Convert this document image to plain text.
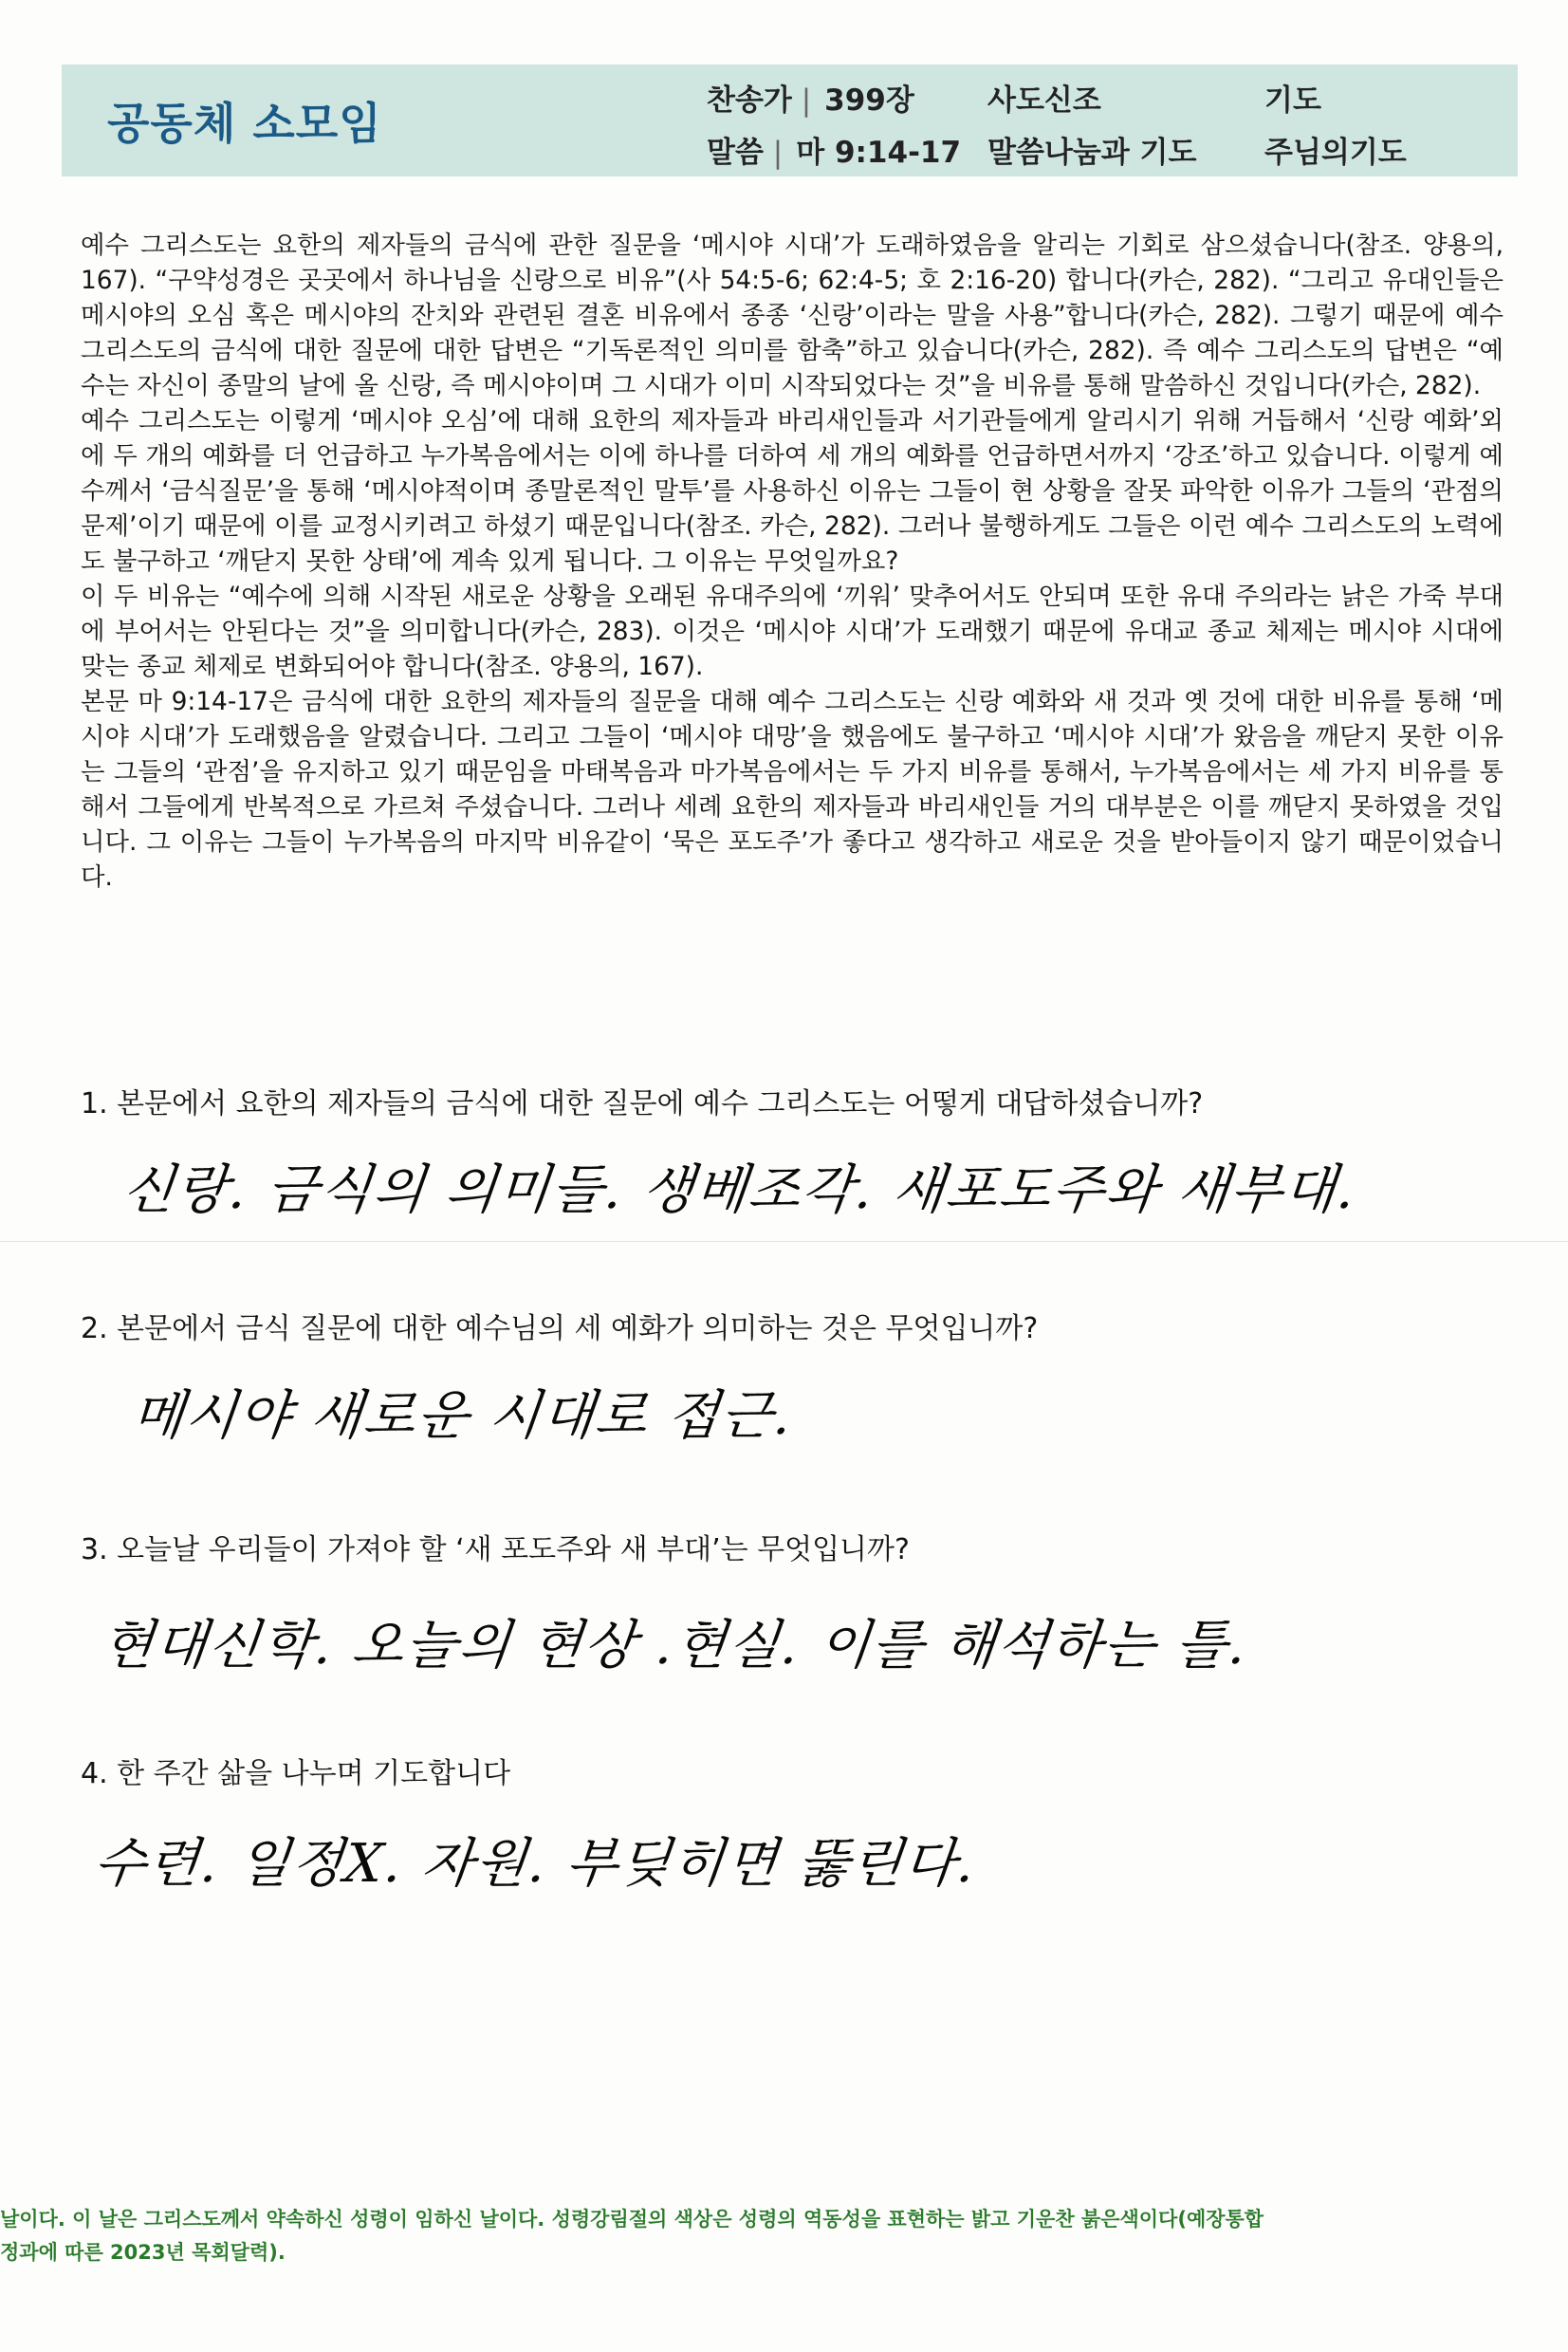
공동체 소모임	찬송가 | 399장 사도신조	기도
말씀 | 마 9:14-17 말씀나눔과 기도 주님의기도

예수 그리스도는 요한의 제자들의 금식에 관한 질문을 ‘메시야 시대’가 도래하였음을 알리는 기회로 삼으셨습니다(참조. 양용의, 167). “구약성경은 곳곳에서 하나님을 신랑으로 비유”(사 54:5-6; 62:4-5; 호 2:16-20) 합니다(카슨, 282). “그리고 유대인들은 메시야의 오심 혹은 메시야의 잔치와 관련된 결혼 비유에서 종종 ‘신랑’이라는 말을 사용”합니다(카슨, 282). 그렇기 때문에 예수 그리스도의 금식에 대한 질문에 대한 답변은 “기독론적인 의미를 함축”하고 있습니다(카슨, 282). 즉 예수 그리스도의 답변은 “예수는 자신이 종말의 날에 올 신랑, 즉 메시야이며 그 시대가 이미 시작되었다는 것”을 비유를 통해 말씀하신 것입니다(카슨, 282).

예수 그리스도는 이렇게 ‘메시야 오심’에 대해 요한의 제자들과 바리새인들과 서기관들에게 알리시기 위해 거듭해서 ‘신랑 예화’외에 두 개의 예화를 더 언급하고 누가복음에서는 이에 하나를 더하여 세 개의 예화를 언급하면서까지 ‘강조’하고 있습니다. 이렇게 예수께서 ‘금식질문’을 통해 ‘메시야적이며 종말론적인 말투’를 사용하신 이유는 그들이 현 상황을 잘못 파악한 이유가 그들의 ‘관점의 문제’이기 때문에 이를 교정시키려고 하셨기 때문입니다(참조. 카슨, 282). 그러나 불행하게도 그들은 이런 예수 그리스도의 노력에도 불구하고 ‘깨닫지 못한 상태’에 계속 있게 됩니다. 그 이유는 무엇일까요?

이 두 비유는 “예수에 의해 시작된 새로운 상황을 오래된 유대주의에 ‘끼워’ 맞추어서도 안되며 또한 유대 주의라는 낡은 가죽 부대에 부어서는 안된다는 것”을 의미합니다(카슨, 283). 이것은 ‘메시야 시대’가 도래했기 때문에 유대교 종교 체제는 메시야 시대에 맞는 종교 체제로 변화되어야 합니다(참조. 양용의, 167).

본문 마 9:14-17은 금식에 대한 요한의 제자들의 질문을 대해 예수 그리스도는 신랑 예화와 새 것과 옛 것에 대한 비유를 통해 ‘메시야 시대’가 도래했음을 알렸습니다. 그리고 그들이 ‘메시야 대망’을 했음에도 불구하고 ‘메시야 시대’가 왔음을 깨닫지 못한 이유는 그들의 ‘관점’을 유지하고 있기 때문임을 마태복음과 마가복음에서는 두 가지 비유를 통해서, 누가복음에서는 세 가지 비유를 통해서 그들에게 반복적으로 가르쳐 주셨습니다. 그러나 세례 요한의 제자들과 바리새인들 거의 대부분은 이를 깨닫지 못하였을 것입니다. 그 이유는 그들이 누가복음의 마지막 비유같이 ‘묵은 포도주’가 좋다고 생각하고 새로운 것을 받아들이지 않기 때문이었습니다.

1. 본문에서 요한의 제자들의 금식에 대한 질문에 예수 그리스도는 어떻게 대답하셨습니까?
신랑. 금식의 의미들. 생베조각. 새포도주와 새부대.
2. 본문에서 금식 질문에 대한 예수님의 세 예화가 의미하는 것은 무엇입니까?
메시야 새로운 시대로 접근.
3. 오늘날 우리들이 가져야 할 ‘새 포도주와 새 부대’는 무엇입니까?
현대신학. 오늘의 현상 .현실. 이를 해석하는 틀.
4. 한 주간 삶을 나누며 기도합니다
수련. 일정X. 자원. 부딪히면 뚫린다.

날이다. 이 날은 그리스도께서 약속하신 성령이 임하신 날이다. 성령강림절의 색상은 성령의 역동성을 표현하는 밝고 기운찬 붉은색이다(예장통합

정과에 따른 2023년 목회달력).
